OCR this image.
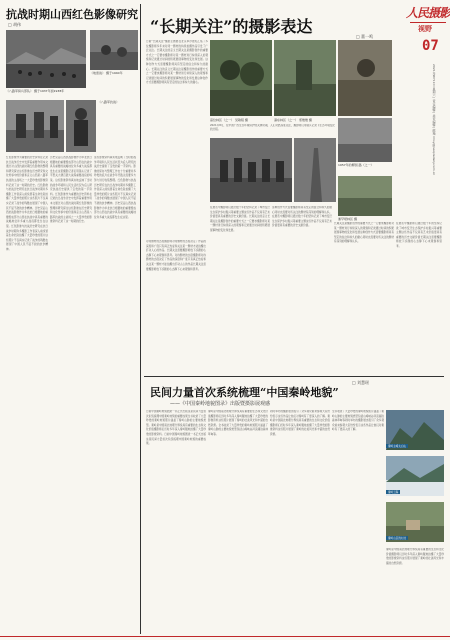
人民摄影
视野
07
2021年9月11日 星期六 | 责任编辑 | 美术编辑 | 邮箱 rmsy@peopledaily.com.cn
抗战时期山西红色影像研究
□ 胡伟
《八路军骑兵部队》 摄于1937年到1938年
《地雷战》 摄于1940年
《八路军抗战》
红色影像作为重要的历史资料在记录抗日战争历史中发挥着重要作用本文通过对山西抗战时期红色影像的整理和研究探讨这些影像在历史研究和文化传承中的价值和意义山西是八路军抗战的主战场之一大量珍贵的影像资料记录了这一时期的历史。红色影像与抗战历史研究在抗日战争时期许多摄影工作者深入前线冒着生命危险拍摄了大量珍贵的照片这些照片不仅真实记录了战争的残酷也展现了中国人民不屈不挠的抗争精神。历史见证山西抗战影像作为华北抗日根据地的重要组成部分山西在抗战中具有重要的战略地位许多重大战役都发生在这里。红色影像与抗战历史研究在抗日战争时期许多摄影工作者深入前线冒着生命危险拍摄了大量珍贵的照片这些照片不仅真实记录了战争的残酷也展现了中国人民不屈不挠的抗争精神。
历史见证山西抗战影像作为华北抗日根据地的重要组成部分山西在抗战中具有重要的战略地位许多重大战役都发生在这里摄影记者们用镜头记录了平型关大捷百团大战等重要战役的场景。这些影像资料真实地反映了当时的战争环境和人民生活状况为后人研究抗战历史提供了宝贵的第一手资料。红色影像作为重要的历史资料在记录抗日战争历史中发挥着重要作用本文通过对山西抗战时期红色影像的整理和研究探讨这些影像在历史研究和文化传承中的价值和意义山西是八路军抗战的主战场之一大量珍贵的影像资料记录了这一时期的历史。
这些影像资料真实地反映了当时的战争环境和人民生活状况为后人研究抗战历史提供了宝贵的第一手资料。影像的保存与整理工作也十分重要许多珍贵的底片在战争年代散失需要多方努力进行收集整理。红色影像与抗战历史研究在抗日战争时期许多摄影工作者深入前线冒着生命危险拍摄了大量珍贵的照片这些照片不仅真实记录了战争的残酷也展现了中国人民不屈不挠的抗争精神。历史见证山西抗战影像作为华北抗日根据地的重要组成部分山西在抗战中具有重要的战略地位许多重大战役都发生在这里。
“长期关注”的摄影表达
□ 董一鸣
日前“长期关注”摄影主题展在北京举办展览汇集了多位摄影师多年来对同一题材的持续拍摄作品引发了广泛关注。长期关注的意义长期关注是摄影创作的重要方式之一它要求摄影师对某一题材进行持续深入的观察和记录通过时间的积累展现事物的变化和发展。这种创作方式需要摄影师具有坚定的信念和持久的耐心。长期关注的意义长期关注是摄影创作的重要方式之一它要求摄影师对某一题材进行持续深入的观察和记录通过时间的积累展现事物的变化和发展这种创作方式需要摄影师具有坚定的信念和持久的耐心。
高位林区（之一） 吴敏程 摄	滇东林区（之一） 邢维维 摄
2021年8月，在中国广西生态环境保护的关键时期，人们对此高度关注，摄影师们用镜头记录下生态环境变化的过程。
1957年的柳园·路（之一）
塞罕坝林区 摄
对待题材的态度摄影师对待题材的态度决定了作品的深度和广度只有真正热爱和关注某一题材才能拍摄出打动人心的作品。长期关注需要摄影师放下浮躁的心态静下心来观察和思考。对待题材的态度摄影师对待题材的态度决定了作品的深度和广度只有真正热爱和关注某一题材才能拍摄出打动人心的作品长期关注需要摄影师放下浮躁的心态静下心来观察和思考。
在展览中摄影师们通过数十年的坚持记录了城市变迁生态保护乡村振兴等重要主题这些作品不仅具有艺术价值更具有重要的历史文献价值。长期关注的意义长期关注是摄影创作的重要方式之一它要求摄影师对某一题材进行持续深入的观察和记录通过时间的积累展现事物的变化和发展。
这种创作方式需要摄影师具有坚定的信念和持久的耐心同时也需要对所关注的题材有深刻的理解和认识。在展览中摄影师们通过数十年的坚持记录了城市变迁生态保护乡村振兴等重要主题这些作品不仅具有艺术价值更具有重要的历史文献价值。
长期关注是摄影创作的重要方式之一它要求摄影师对某一题材进行持续深入的观察和记录通过时间的积累展现事物的变化和发展这种创作方式需要摄影师具有坚定的信念和持久的耐心同时也需要对所关注的题材有深刻的理解和认识。
在展览中摄影师们通过数十年的坚持记录了城市变迁生态保护乡村振兴等重要主题这些作品不仅具有艺术价值更具有重要的历史文献价值长期关注需要摄影师放下浮躁的心态静下心来观察和思考。
民间力量首次系统梳理“中国秦岭地貌”
——《中国秦岭地貌图录》出版暨摄影展观感
□ 刘慧瑶
日前中国秦岭地貌图录一书正式出版这是民间力量首次系统梳理中国秦岭地貌的重要成果全书收录了大量珍贵的秦岭地貌照片涵盖了秦岭山脉的主要地貌类型。秦岭是中国南北地理分界线具有重要的生态和文化价值摄影师们历时多年深入秦岭腹地拍摄了大量珍贵的影像资料。日前中国秦岭地貌图录一书正式出版这是民间力量首次系统梳理中国秦岭地貌的重要成果。
秦岭是中国南北地理分界线具有重要的生态和文化价值摄影师们历时多年深入秦岭腹地拍摄了大量珍贵的影像资料这些照片展现了秦岭的壮美风光和丰富的自然资源。全书收录了大量珍贵的秦岭地貌照片涵盖了秦岭山脉的主要地貌类型包括山峰峡谷河流湖泊森林草甸等。
同时举办的摄影展也吸引了众多观众前来参观大家纷纷表示这些作品让他们对秦岭有了更深入的了解。秦岭是中国南北地理分界线具有重要的生态和文化价值摄影师们历时多年深入秦岭腹地拍摄了大量珍贵的影像资料这些照片展现了秦岭的壮美风光和丰富的自然资源。
全书收录了大量珍贵的秦岭地貌照片涵盖了秦岭山脉的主要地貌类型包括山峰峡谷河流湖泊森林草甸等同时举办的摄影展也吸引了众多观众前来参观大家纷纷表示这些作品让他们对秦岭有了更深入的了解。
秦岭主峰太白山
秦岭云海
秦岭山区的村庄
秦岭是中国南北地理分界线具有重要的生态和文化价值摄影师们历时多年深入秦岭腹地拍摄了大量珍贵的影像资料这些照片展现了秦岭的壮美风光和丰富的自然资源。
